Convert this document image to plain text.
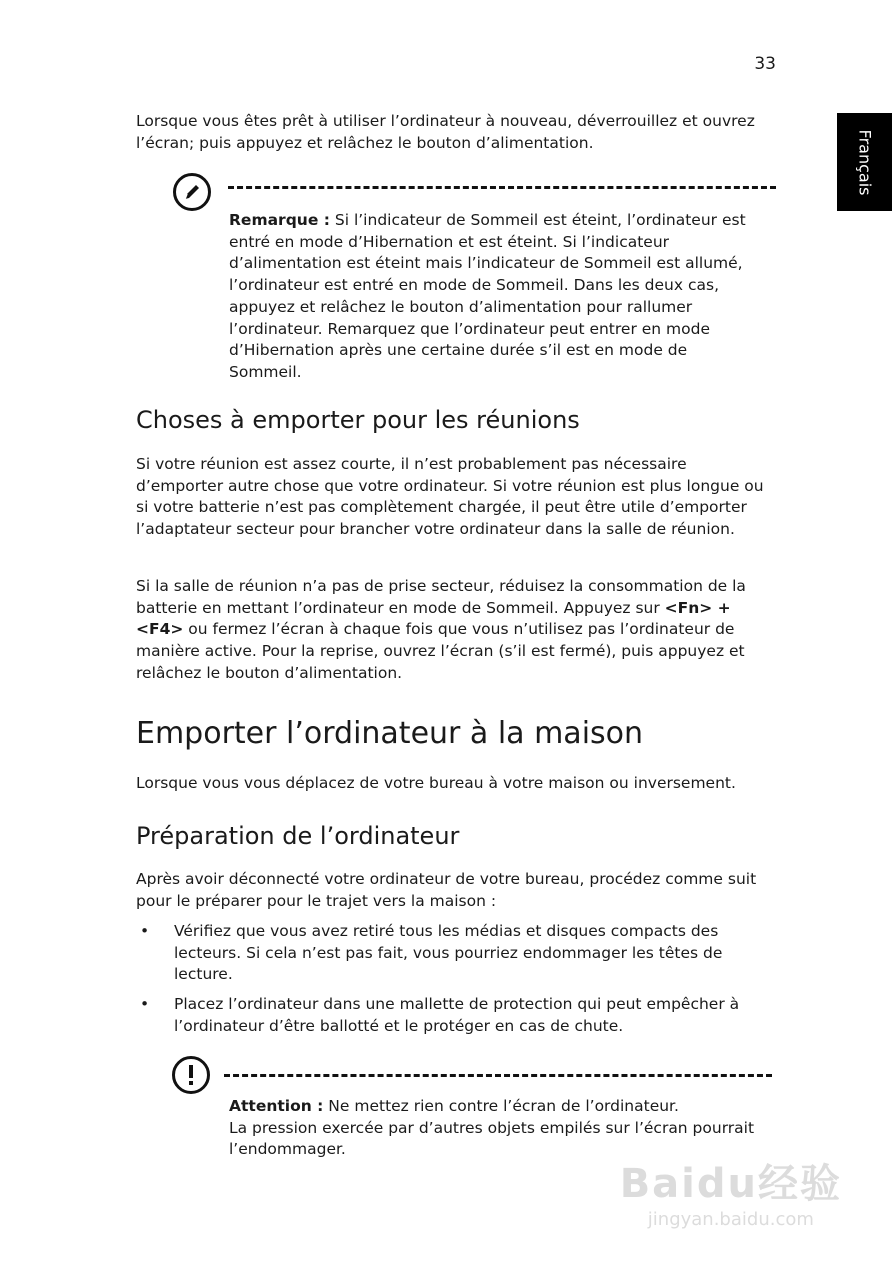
33
Français

Lorsque vous êtes prêt à utiliser l’ordinateur à nouveau, déverrouillez et ouvrez l’écran; puis appuyez et relâchez le bouton d’alimentation.

Remarque : Si l’indicateur de Sommeil est éteint, l’ordinateur est entré en mode d’Hibernation et est éteint. Si l’indicateur d’alimentation est éteint mais l’indicateur de Sommeil est allumé, l’ordinateur est entré en mode de Sommeil. Dans les deux cas, appuyez et relâchez le bouton d’alimentation pour rallumer l’ordinateur. Remarquez que l’ordinateur peut entrer en mode d’Hibernation après une certaine durée s’il est en mode de Sommeil.

Choses à emporter pour les réunions

Si votre réunion est assez courte, il n’est probablement pas nécessaire d’emporter autre chose que votre ordinateur. Si votre réunion est plus longue ou si votre batterie n’est pas complètement chargée, il peut être utile d’emporter l’adaptateur secteur pour brancher votre ordinateur dans la salle de réunion.

Si la salle de réunion n’a pas de prise secteur, réduisez la consommation de la batterie en mettant l’ordinateur en mode de Sommeil. Appuyez sur <Fn> + <F4> ou fermez l’écran à chaque fois que vous n’utilisez pas l’ordinateur de manière active. Pour la reprise, ouvrez l’écran (s’il est fermé), puis appuyez et relâchez le bouton d’alimentation.

Emporter l’ordinateur à la maison

Lorsque vous vous déplacez de votre bureau à votre maison ou inversement.

Préparation de l’ordinateur

Après avoir déconnecté votre ordinateur de votre bureau, procédez comme suit pour le préparer pour le trajet vers la maison :

• Vérifiez que vous avez retiré tous les médias et disques compacts des lecteurs. Si cela n’est pas fait, vous pourriez endommager les têtes de lecture.
• Placez l’ordinateur dans une mallette de protection qui peut empêcher à l’ordinateur d’être ballotté et le protéger en cas de chute.

Attention : Ne mettez rien contre l’écran de l’ordinateur.
La pression exercée par d’autres objets empilés sur l’écran pourrait l’endommager.

Baidu经验
jingyan.baidu.com
